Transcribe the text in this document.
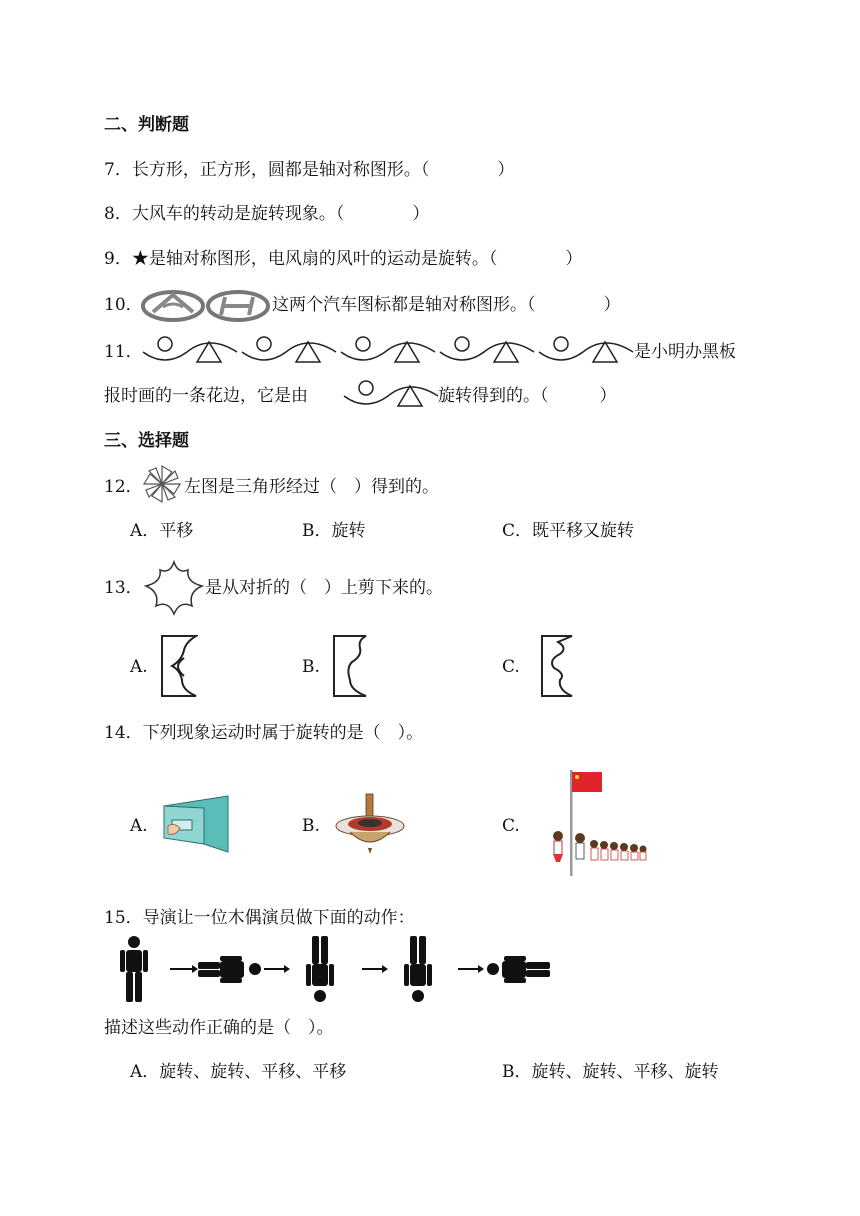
二、判断题
7．长方形，正方形，圆都是轴对称图形。（　　　　）
8．大风车的转动是旋转现象。（　　　　）
9．★是轴对称图形，电风扇的风叶的运动是旋转。（　　　　）
10．	这两个汽车图标都是轴对称图形。（　　　　）
11．	是小明办黑板
报时画的一条花边，它是由	旋转得到的。（　　　）
三、选择题
12． 左图是三角形经过（　）得到的。
A．平移	B．旋转	C．既平移又旋转
13．	是从对折的（　）上剪下来的。
A.	B.	C.
14．下列现象运动时属于旋转的是（　）。
A.	B.	C.
15．导演让一位木偶演员做下面的动作：
描述这些动作正确的是（　）。
A．旋转、旋转、平移、平移	B．旋转、旋转、平移、旋转
